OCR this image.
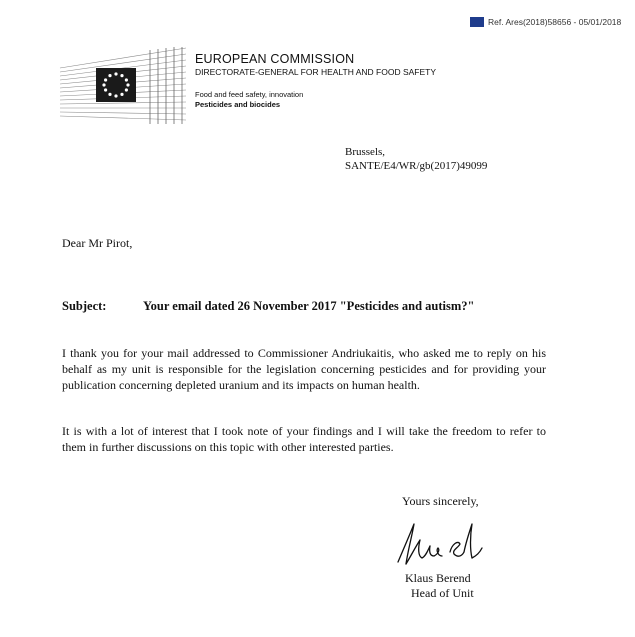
Ref. Ares(2018)58656 - 05/01/2018
EUROPEAN COMMISSION
DIRECTORATE-GENERAL FOR HEALTH AND FOOD SAFETY
Food and feed safety, innovation
Pesticides and biocides
Brussels,
SANTE/E4/WR/gb(2017)49099
Dear Mr Pirot,
Subject:	Your email dated 26 November 2017 "Pesticides and autism?"
I thank you for your mail addressed to Commissioner Andriukaitis, who asked me to reply on his behalf as my unit is responsible for the legislation concerning pesticides and for providing your publication concerning depleted uranium and its impacts on human health.
It is with a lot of interest that I took note of your findings and I will take the freedom to refer to them in further discussions on this topic with other interested parties.
Yours sincerely,
Klaus Berend
Head of Unit
